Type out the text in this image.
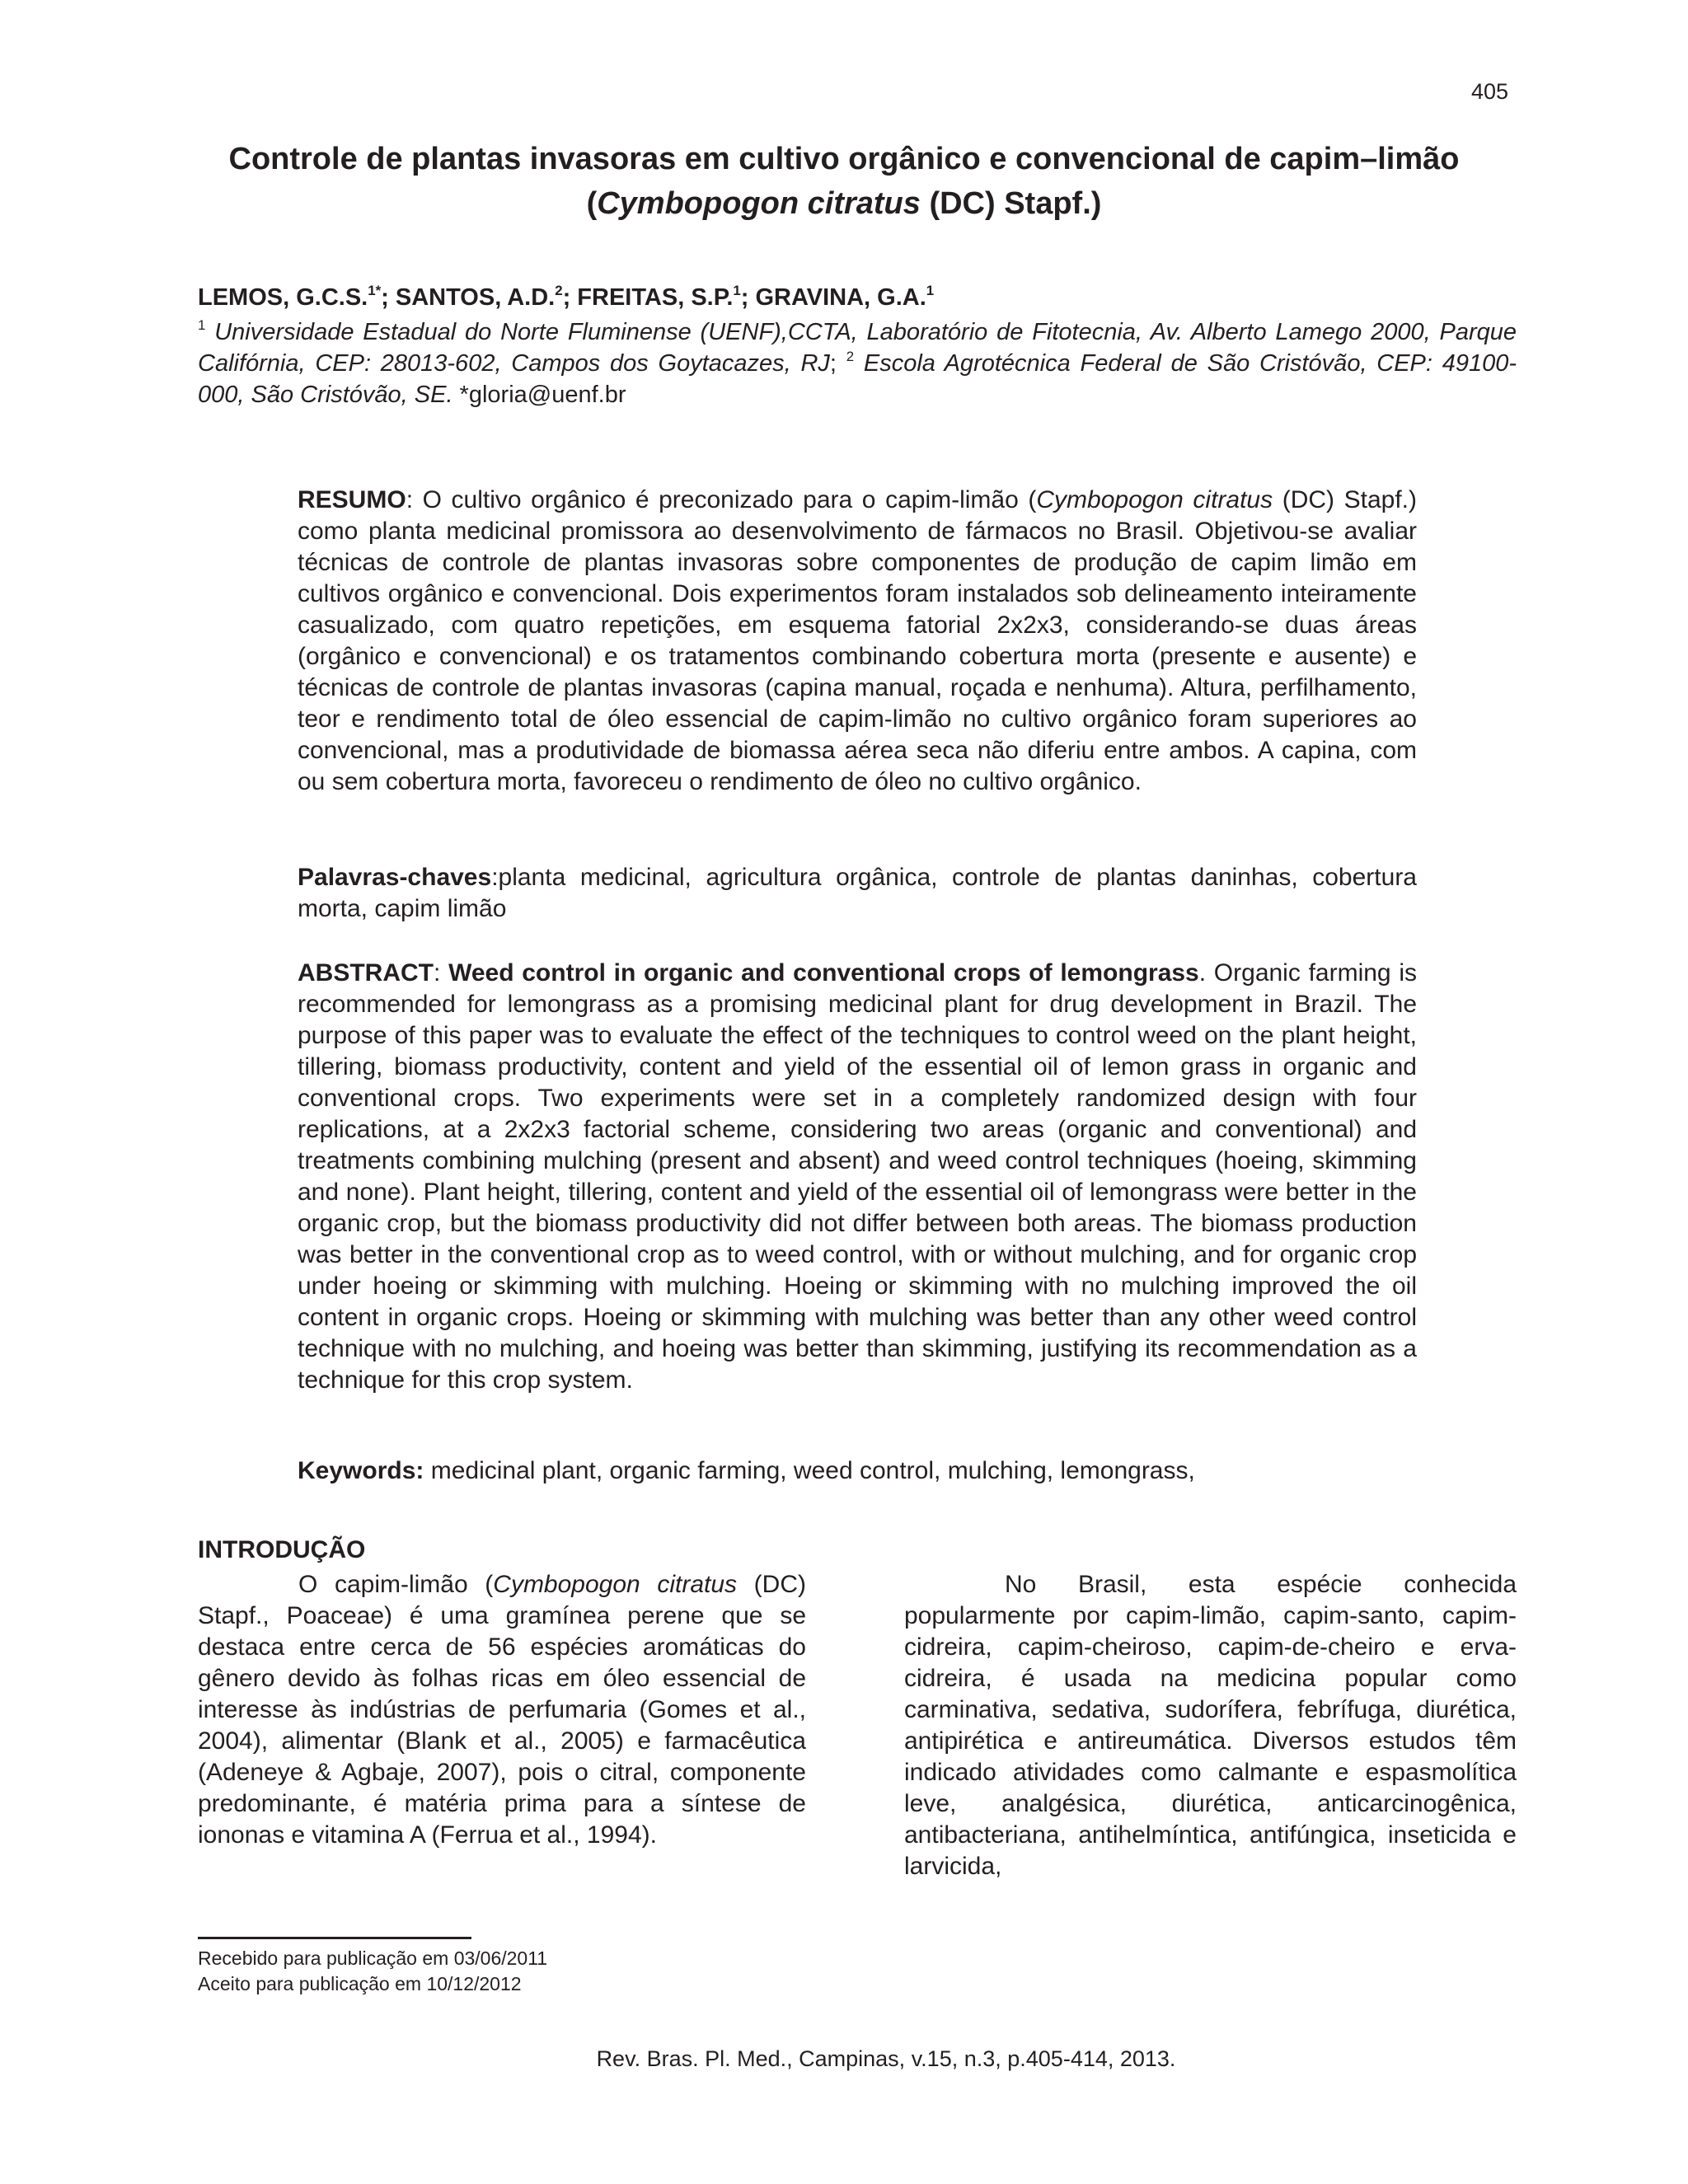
405
Controle de plantas invasoras em cultivo orgânico e convencional de capim–limão
(Cymbopogon citratus (DC) Stapf.)
LEMOS, G.C.S.$^{1*}$; SANTOS, A.D.$^2$; FREITAS, S.P.$^1$; GRAVINA, G.A.$^1$
$^1$ Universidade Estadual do Norte Fluminense (UENF),CCTA, Laboratório de Fitotecnia, Av. Alberto Lamego 2000, Parque Califórnia, CEP: 28013-602, Campos dos Goytacazes, RJ; $^2$ Escola Agrotécnica Federal de São Cristóvão, CEP: 49100-000, São Cristóvão, SE. *gloria@uenf.br
RESUMO: O cultivo orgânico é preconizado para o capim-limão (Cymbopogon citratus (DC) Stapf.) como planta medicinal promissora ao desenvolvimento de fármacos no Brasil. Objetivou-se avaliar técnicas de controle de plantas invasoras sobre componentes de produção de capim limão em cultivos orgânico e convencional. Dois experimentos foram instalados sob delineamento inteiramente casualizado, com quatro repetições, em esquema fatorial 2x2x3, considerando-se duas áreas (orgânico e convencional) e os tratamentos combinando cobertura morta (presente e ausente) e técnicas de controle de plantas invasoras (capina manual, roçada e nenhuma). Altura, perfilhamento, teor e rendimento total de óleo essencial de capim-limão no cultivo orgânico foram superiores ao convencional, mas a produtividade de biomassa aérea seca não diferiu entre ambos. A capina, com ou sem cobertura morta, favoreceu o rendimento de óleo no cultivo orgânico.
Palavras-chaves:planta medicinal, agricultura orgânica, controle de plantas daninhas, cobertura morta, capim limão
ABSTRACT: Weed control in organic and conventional crops of lemongrass. Organic farming is recommended for lemongrass as a promising medicinal plant for drug development in Brazil. The purpose of this paper was to evaluate the effect of the techniques to control weed on the plant height, tillering, biomass productivity, content and yield of the essential oil of lemon grass in organic and conventional crops. Two experiments were set in a completely randomized design with four replications, at a 2x2x3 factorial scheme, considering two areas (organic and conventional) and treatments combining mulching (present and absent) and weed control techniques (hoeing, skimming and none). Plant height, tillering, content and yield of the essential oil of lemongrass were better in the organic crop, but the biomass productivity did not differ between both areas. The biomass production was better in the conventional crop as to weed control, with or without mulching, and for organic crop under hoeing or skimming with mulching. Hoeing or skimming with no mulching improved the oil content in organic crops. Hoeing or skimming with mulching was better than any other weed control technique with no mulching, and hoeing was better than skimming, justifying its recommendation as a technique for this crop system.
Keywords: medicinal plant, organic farming, weed control, mulching, lemongrass,
INTRODUÇÃO

O capim-limão (Cymbopogon citratus (DC) Stapf., Poaceae) é uma gramínea perene que se destaca entre cerca de 56 espécies aromáticas do gênero devido às folhas ricas em óleo essencial de interesse às indústrias de perfumaria (Gomes et al., 2004), alimentar (Blank et al., 2005) e farmacêutica (Adeneye & Agbaje, 2007), pois o citral, componente predominante, é matéria prima para a síntese de iononas e vitamina A (Ferrua et al., 1994).

No Brasil, esta espécie conhecida popularmente por capim-limão, capim-santo, capim-cidreira, capim-cheiroso, capim-de-cheiro e erva-cidreira, é usada na medicina popular como carminativa, sedativa, sudorífera, febrífuga, diurética, antipirética e antireumática. Diversos estudos têm indicado atividades como calmante e espasmolítica leve, analgésica, diurética, anticarcinogênica, antibacteriana, antihelmíntica, antifúngica, inseticida e larvicida,

Recebido para publicação em 03/06/2011
Aceito para publicação em 10/12/2012
Rev. Bras. Pl. Med., Campinas, v.15, n.3, p.405-414, 2013.
